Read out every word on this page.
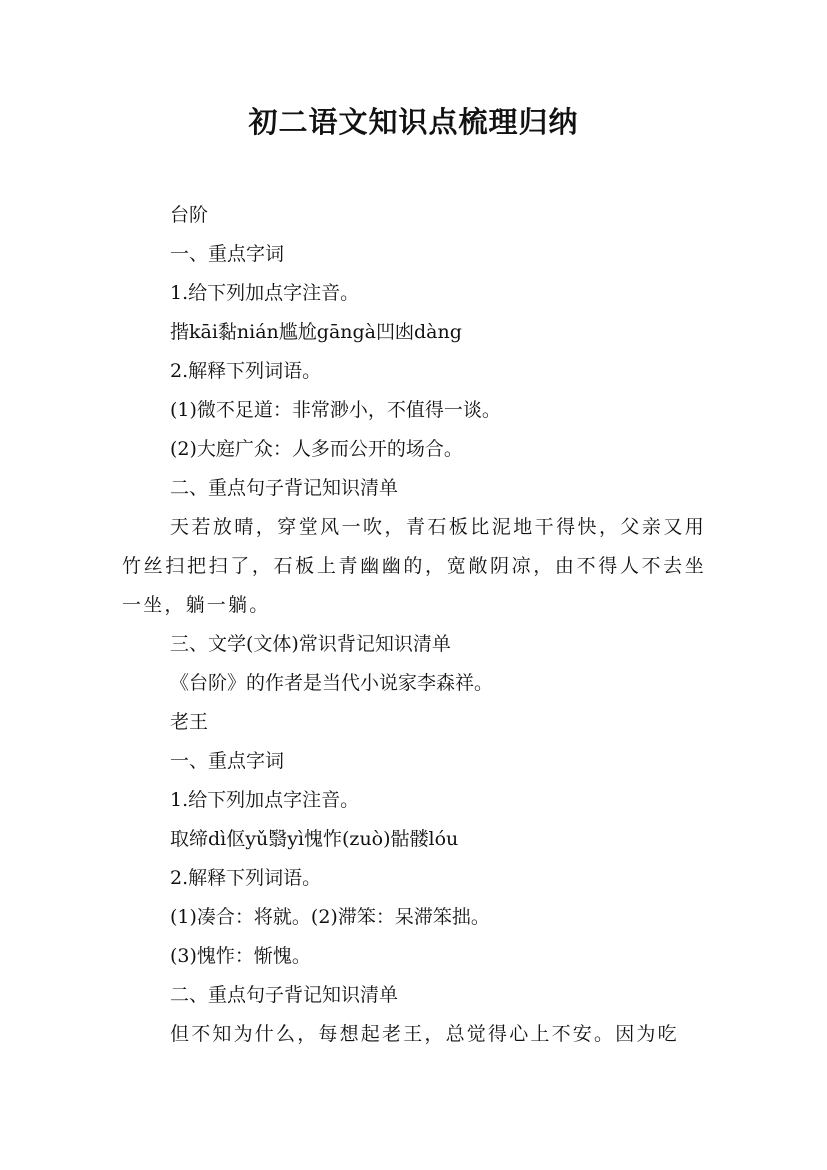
初二语文知识点梳理归纳
台阶
一、重点字词
1.给下列加点字注音。
揩kāi黏nián尴尬gāngà凹凼dàng
2.解释下列词语。
(1)微不足道：非常渺小，不值得一谈。
(2)大庭广众：人多而公开的场合。
二、重点句子背记知识清单

天若放晴，穿堂风一吹，青石板比泥地干得快，父亲又用竹丝扫把扫了，石板上青幽幽的，宽敞阴凉，由不得人不去坐一坐，躺一躺。

三、文学(文体)常识背记知识清单
《台阶》的作者是当代小说家李森祥。
老王
一、重点字词
1.给下列加点字注音。
取缔dì伛yǔ翳yì愧怍(zuò)骷髅lóu
2.解释下列词语。
(1)凑合：将就。(2)滞笨：呆滞笨拙。
(3)愧怍：惭愧。
二、重点句子背记知识清单

但不知为什么，每想起老王，总觉得心上不安。因为吃
